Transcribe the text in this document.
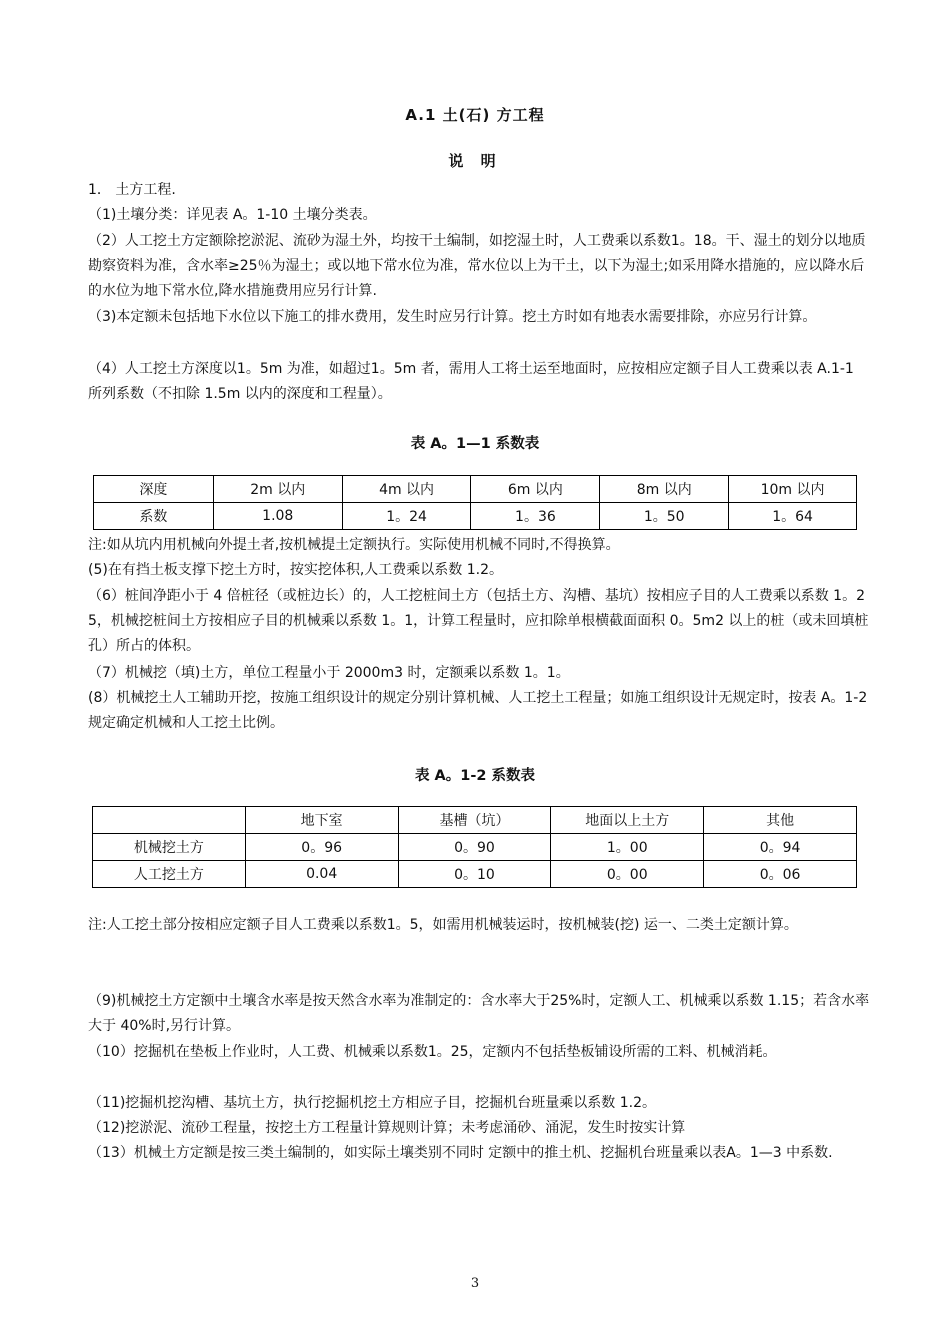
A.1 土(石) 方工程
说 明

1． 土方工程.

（1)土壤分类：详见表 A。1-10 土壤分类表。

（2）人工挖土方定额除挖淤泥、流砂为湿土外，均按干土编制，如挖湿土时，人工费乘以系数1。18。干、湿土的划分以地质勘察资料为准，含水率≥25％为湿土；或以地下常水位为准，常水位以上为干土，以下为湿土;如采用降水措施的，应以降水后的水位为地下常水位,降水措施费用应另行计算.

（3)本定额未包括地下水位以下施工的排水费用，发生时应另行计算。挖土方时如有地表水需要排除，亦应另行计算。

（4）人工挖土方深度以1。5m 为准，如超过1。5m 者，需用人工将土运至地面时，应按相应定额子目人工费乘以表 A.1-1 所列系数（不扣除 1.5m 以内的深度和工程量）。

表 A。1—1 系数表
深度	2m 以内	4m 以内	6m 以内	8m 以内	10m 以内
系数	1.08	1。24	1。36	1。50	1。64

注:如从坑内用机械向外提土者,按机械提土定额执行。实际使用机械不同时,不得换算。

(5)在有挡土板支撑下挖土方时，按实挖体积,人工费乘以系数 1.2。

（6）桩间净距小于 4 倍桩径（或桩边长）的，人工挖桩间土方（包括土方、沟槽、基坑）按相应子目的人工费乘以系数 1。25，机械挖桩间土方按相应子目的机械乘以系数 1。1，计算工程量时，应扣除单根横截面面积 0。5m2 以上的桩（或未回填桩孔）所占的体积。

（7）机械挖（填)土方，单位工程量小于 2000m3 时，定额乘以系数 1。1。

(8）机械挖土人工辅助开挖，按施工组织设计的规定分别计算机械、人工挖土工程量；如施工组织设计无规定时，按表 A。1-2 规定确定机械和人工挖土比例。

表 A。1-2 系数表
	地下室	基槽（坑）	地面以上土方	其他
机械挖土方	0。96	0。90	1。00	0。94
人工挖土方	0.04	0。10	0。00	0。06

注:人工挖土部分按相应定额子目人工费乘以系数1。5，如需用机械装运时，按机械装(挖) 运一、二类土定额计算。

（9)机械挖土方定额中土壤含水率是按天然含水率为准制定的：含水率大于25%时，定额人工、机械乘以系数 1.15；若含水率大于 40%时,另行计算。

（10）挖掘机在垫板上作业时，人工费、机械乘以系数1。25，定额内不包括垫板铺设所需的工料、机械消耗。

（11)挖掘机挖沟槽、基坑土方，执行挖掘机挖土方相应子目，挖掘机台班量乘以系数 1.2。

（12)挖淤泥、流砂工程量，按挖土方工程量计算规则计算；未考虑涌砂、涌泥，发生时按实计算

（13）机械土方定额是按三类土编制的，如实际土壤类别不同时 定额中的推土机、挖掘机台班量乘以表A。1—3 中系数.

3
